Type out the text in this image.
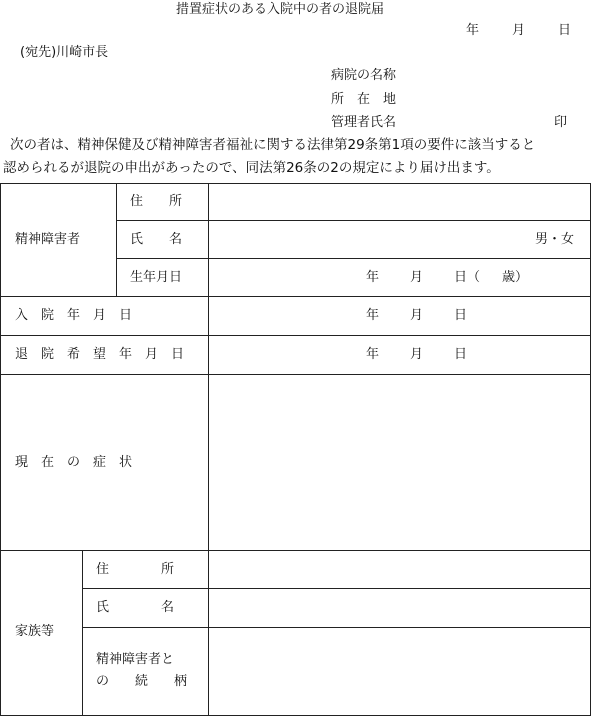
措置症状のある入院中の者の退院届
年	月	日
(宛先)川崎市長
病院の名称
所　在　地
管理者氏名	印
次の者は、精神保健及び精神障害者福祉に関する法律第29条第1項の要件に該当すると
認められるが退院の申出があったので、同法第26条の2の規定により届け出ます。
精神障害者
住　　所
氏　　名	男・女
生年月日	年 月 日（ 歳）
入　院　年　月　日	年 月 日
退　院　希　望　年　月　日	年 月 日
現　在　の　症　状
家族等
住　　　　所
氏　　　　名
精神障害者と
の　　続　　柄
